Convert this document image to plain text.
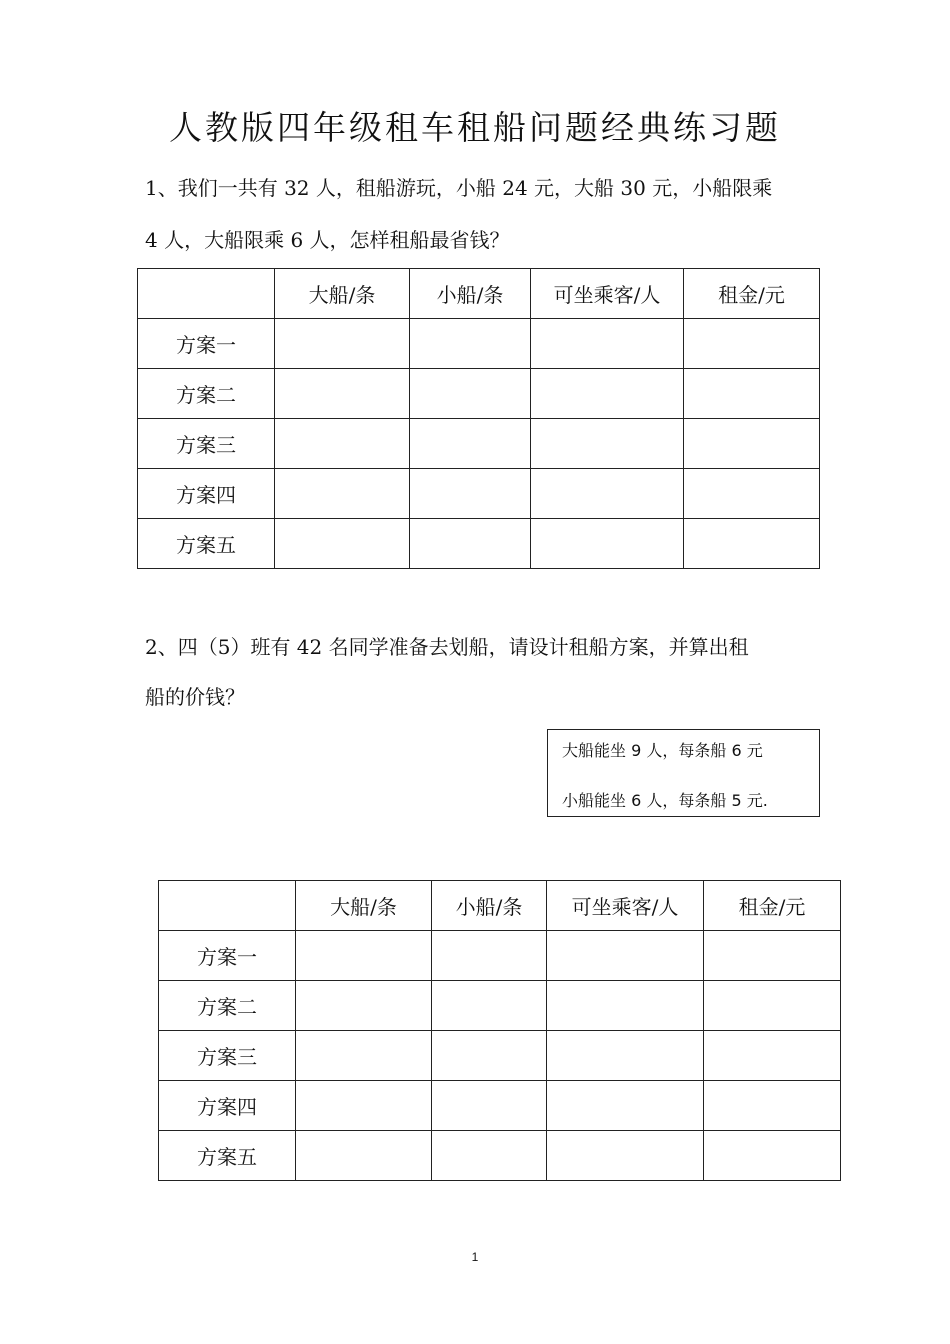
人教版四年级租车租船问题经典练习题

1、我们一共有 32 人，租船游玩，小船 24 元，大船 30 元，小船限乘

4 人，大船限乘 6 人，怎样租船最省钱？

	大船/条	小船/条	可坐乘客/人	租金/元
方案一				
方案二				
方案三				
方案四				
方案五				

2、四（5）班有 42 名同学准备去划船，请设计租船方案，并算出租

船的价钱？

大船能坐 9 人，每条船 6 元
小船能坐 6 人，每条船 5 元.
	大船/条	小船/条	可坐乘客/人	租金/元
方案一				
方案二				
方案三				
方案四				
方案五				
1
